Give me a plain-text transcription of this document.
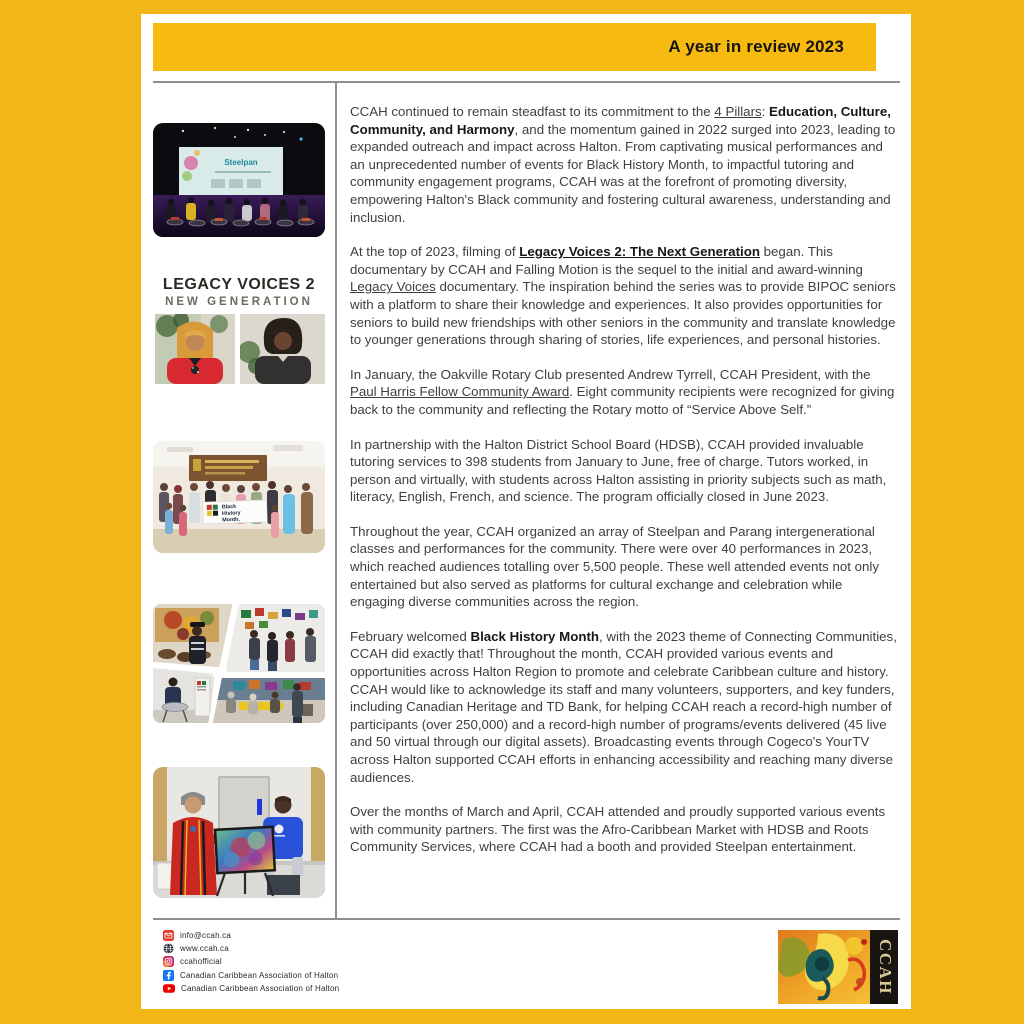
A year in review 2023
Steelpan
LEGACY VOICES 2
NEW GENERATION
Black
History
Month.

CCAH continued to remain steadfast to its commitment to the 4 Pillars: Education, Culture, Community, and Harmony, and the momentum gained in 2022 surged into 2023, leading to expanded outreach and impact across Halton. From captivating musical performances and an unprecedented number of events for Black History Month, to impactful tutoring and community engagement programs, CCAH was at the forefront of promoting diversity, empowering Halton's Black community and fostering cultural awareness, understanding and inclusion.

At the top of 2023, filming of Legacy Voices 2: The Next Generation began. This documentary by CCAH and Falling Motion is the sequel to the initial and award-winning Legacy Voices documentary. The inspiration behind the series was to provide BIPOC seniors with a platform to share their knowledge and experiences. It also provides opportunities for seniors to build new friendships with other seniors in the community and translate knowledge to younger generations through sharing of stories, life experiences, and personal histories.

In January, the Oakville Rotary Club presented Andrew Tyrrell, CCAH President, with the Paul Harris Fellow Community Award. Eight community recipients were recognized for giving back to the community and reflecting the Rotary motto of “Service Above Self.”

In partnership with the Halton District School Board (HDSB), CCAH provided invaluable tutoring services to 398 students from January to June, free of charge. Tutors worked, in person and virtually, with students across Halton assisting in priority subjects such as math, literacy, English, French, and science. The program officially closed in June 2023.

Throughout the year, CCAH organized an array of Steelpan and Parang intergenerational classes and performances for the community. There were over 40 performances in 2023, which reached audiences totalling over 5,500 people. These well attended events not only entertained but also served as platforms for cultural exchange and celebration while engaging diverse communities across the region.

February welcomed Black History Month, with the 2023 theme of Connecting Communities, CCAH did exactly that! Throughout the month, CCAH provided various events and opportunities across Halton Region to promote and celebrate Caribbean culture and history. CCAH would like to acknowledge its staff and many volunteers, supporters, and key funders, including Canadian Heritage and TD Bank, for helping CCAH reach a record-high number of participants (over 250,000) and a record-high number of programs/events delivered (45 live and 50 virtual through our digital assets). Broadcasting events through Cogeco's YourTV across Halton supported CCAH efforts in enhancing accessibility and reaching many diverse audiences.

Over the months of March and April, CCAH attended and proudly supported various events with community partners. The first was the Afro-Caribbean Market with HDSB and Roots Community Services, where CCAH had a booth and provided Steelpan entertainment.

info@ccah.ca
www.ccah.ca
ccahofficial
Canadian Caribbean Association of Halton
Canadian Caribbean Association of Halton	CCAH
